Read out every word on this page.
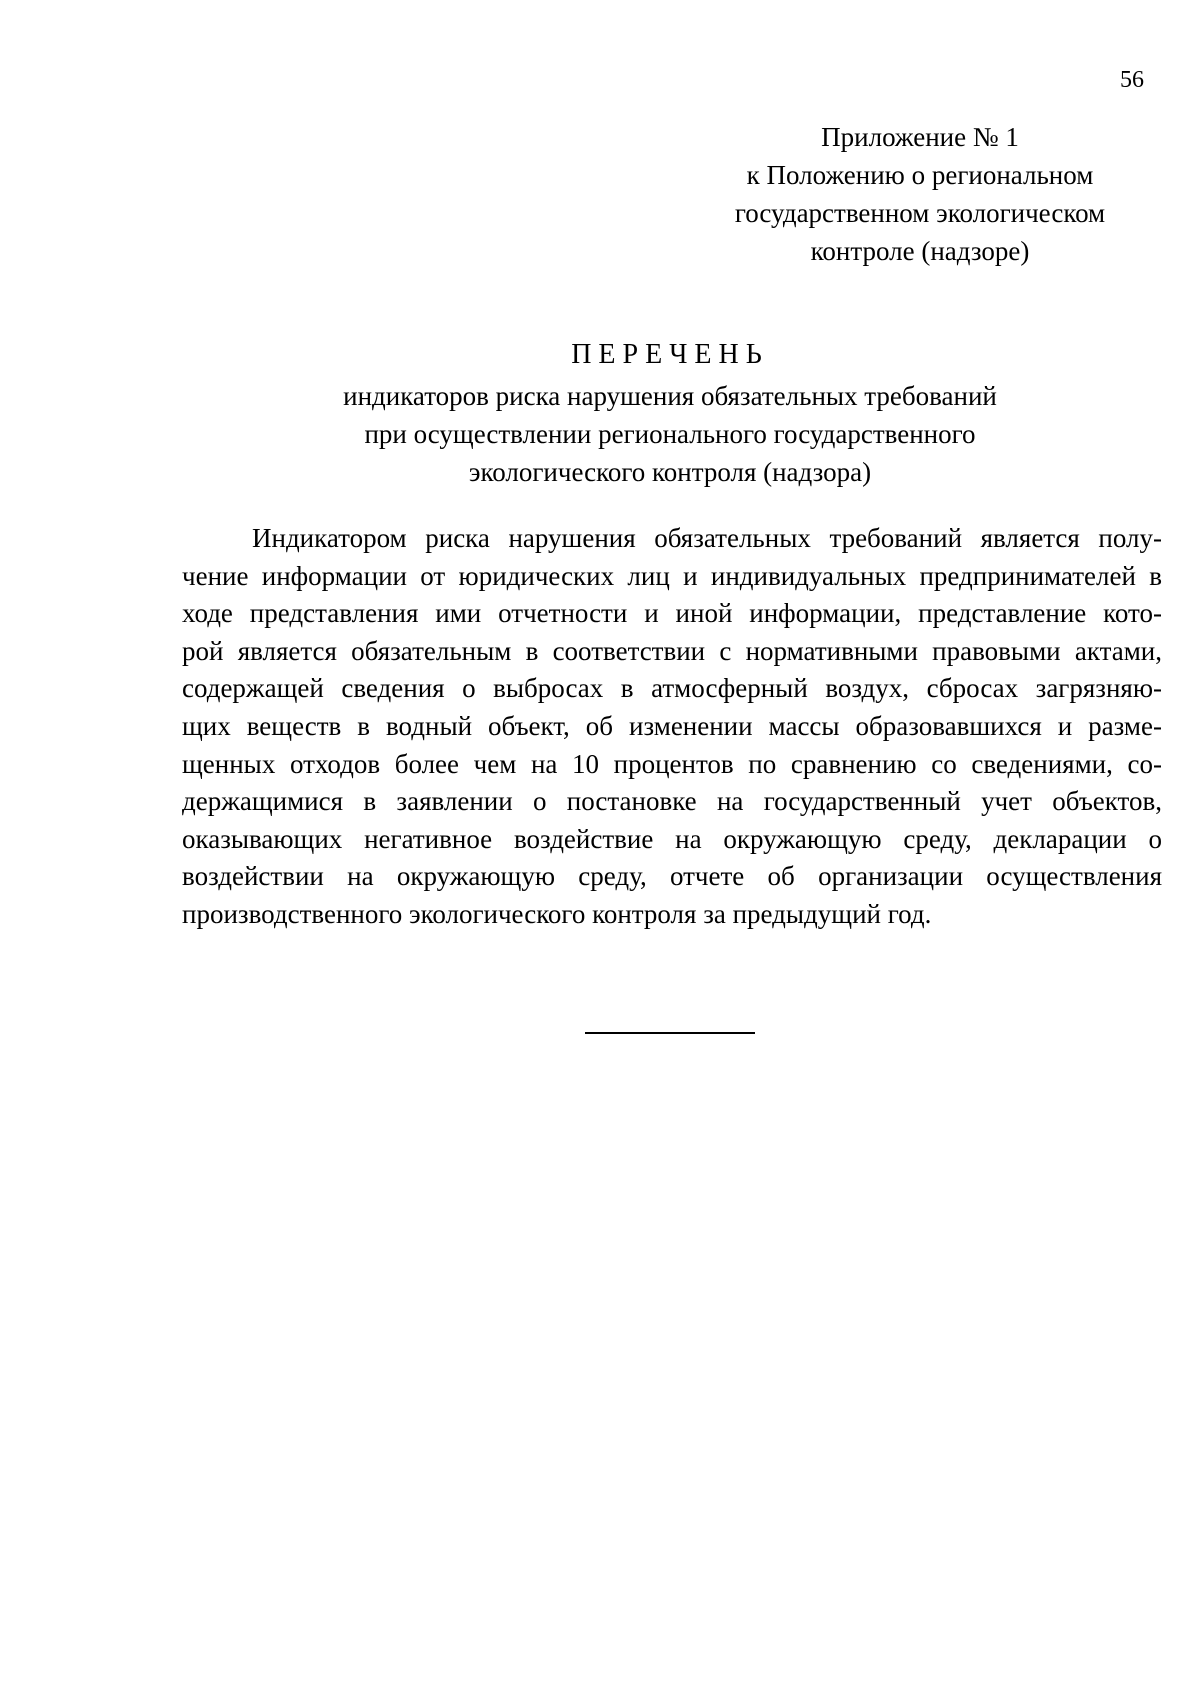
56
Приложение № 1
к Положению о региональном
государственном экологическом
контроле (надзоре)
ПЕРЕЧЕНЬ
индикаторов риска нарушения обязательных требований
при осуществлении регионального государственного
экологического контроля (надзора)
Индикатором риска нарушения обязательных требований является полу-
чение информации от юридических лиц и индивидуальных предпринимателей в
ходе представления ими отчетности и иной информации, представление кото-
рой является обязательным в соответствии с нормативными правовыми актами,
содержащей сведения о выбросах в атмосферный воздух, сбросах загрязняю-
щих веществ в водный объект, об изменении массы образовавшихся и разме-
щенных отходов более чем на 10 процентов по сравнению со сведениями, со-
держащимися в заявлении о постановке на государственный учет объектов,
оказывающих негативное воздействие на окружающую среду, декларации о
воздействии на окружающую среду, отчете об организации осуществления
производственного экологического контроля за предыдущий год.
